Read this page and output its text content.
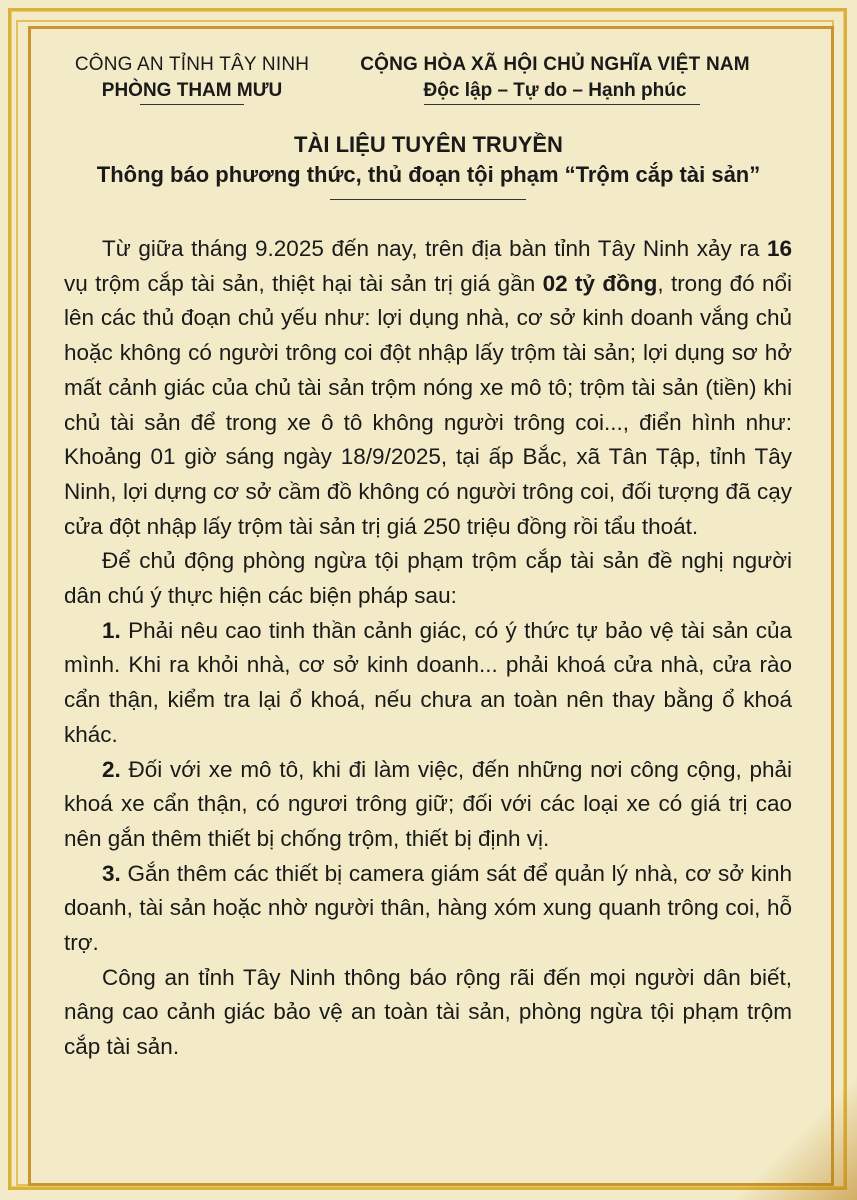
CÔNG AN TỈNH TÂY NINH
PHÒNG THAM MƯU
CỘNG HÒA XÃ HỘI CHỦ NGHĨA VIỆT NAM
Độc lập – Tự do – Hạnh phúc
TÀI LIỆU TUYÊN TRUYỀN
Thông báo phương thức, thủ đoạn tội phạm “Trộm cắp tài sản”

Từ giữa tháng 9.2025 đến nay, trên địa bàn tỉnh Tây Ninh xảy ra 16 vụ trộm cắp tài sản, thiệt hại tài sản trị giá gần 02 tỷ đồng, trong đó nổi lên các thủ đoạn chủ yếu như: lợi dụng nhà, cơ sở kinh doanh vắng chủ hoặc không có người trông coi đột nhập lấy trộm tài sản; lợi dụng sơ hở mất cảnh giác của chủ tài sản trộm nóng xe mô tô; trộm tài sản (tiền) khi chủ tài sản để trong xe ô tô không người trông coi..., điển hình như: Khoảng 01 giờ sáng ngày 18/9/2025, tại ấp Bắc, xã Tân Tập, tỉnh Tây Ninh, lợi dựng cơ sở cầm đồ không có người trông coi, đối tượng đã cạy cửa đột nhập lấy trộm tài sản trị giá 250 triệu đồng rồi tẩu thoát.

Để chủ động phòng ngừa tội phạm trộm cắp tài sản đề nghị người dân chú ý thực hiện các biện pháp sau:

1. Phải nêu cao tinh thần cảnh giác, có ý thức tự bảo vệ tài sản của mình. Khi ra khỏi nhà, cơ sở kinh doanh... phải khoá cửa nhà, cửa rào cẩn thận, kiểm tra lại ổ khoá, nếu chưa an toàn nên thay bằng ổ khoá khác.

2. Đối với xe mô tô, khi đi làm việc, đến những nơi công cộng, phải khoá xe cẩn thận, có ngươi trông giữ; đối với các loại xe có giá trị cao nên gắn thêm thiết bị chống trộm, thiết bị định vị.

3. Gắn thêm các thiết bị camera giám sát để quản lý nhà, cơ sở kinh doanh, tài sản hoặc nhờ người thân, hàng xóm xung quanh trông coi, hỗ trợ.

Công an tỉnh Tây Ninh thông báo rộng rãi đến mọi người dân biết, nâng cao cảnh giác bảo vệ an toàn tài sản, phòng ngừa tội phạm trộm cắp tài sản.
